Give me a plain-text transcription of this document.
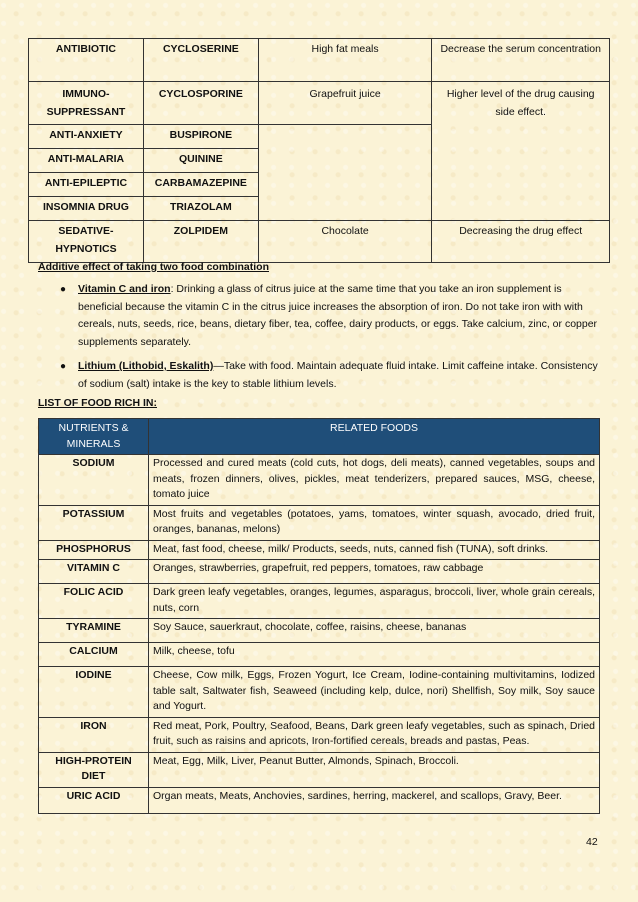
ANTIBIOTIC	CYCLOSERINE	High fat meals	Decrease the serum concentration
IMMUNO-SUPPRESSANT	CYCLOSPORINE	Grapefruit juice	Higher level of the drug causing side effect.
ANTI-ANXIETY	BUSPIRONE		
ANTI-MALARIA	QUININE		
ANTI-EPILEPTIC	CARBAMAZEPINE		
INSOMNIA DRUG	TRIAZOLAM		
SEDATIVE-HYPNOTICS	ZOLPIDEM	Chocolate	Decreasing the drug effect
Additive effect of taking two food combination
● Vitamin C and iron: Drinking a glass of citrus juice at the same time that you take an iron supplement is beneficial because the vitamin C in the citrus juice increases the absorption of iron. Do not take iron with with cereals, nuts, seeds, rice, beans, dietary fiber, tea, coffee, dairy products, or eggs. Take calcium, zinc, or copper supplements separately.
● Lithium (Lithobid, Eskalith)—Take with food. Maintain adequate fluid intake. Limit caffeine intake. Consistency of sodium (salt) intake is the key to stable lithium levels.
LIST OF FOOD RICH IN:
NUTRIENTS & MINERALS	RELATED FOODS
SODIUM	Processed and cured meats (cold cuts, hot dogs, deli meats), canned vegetables, soups and meats, frozen dinners, olives, pickles, meat tenderizers, prepared sauces, MSG, cheese, tomato juice
POTASSIUM	Most fruits and vegetables (potatoes, yams, tomatoes, winter squash, avocado, dried fruit, oranges, bananas, melons)
PHOSPHORUS	Meat, fast food, cheese, milk/ Products, seeds, nuts, canned fish (TUNA), soft drinks.
VITAMIN C	Oranges, strawberries, grapefruit, red peppers, tomatoes, raw cabbage
FOLIC ACID	Dark green leafy vegetables, oranges, legumes, asparagus, broccoli, liver, whole grain cereals, nuts, corn
TYRAMINE	Soy Sauce, sauerkraut, chocolate, coffee, raisins, cheese, bananas
CALCIUM	Milk, cheese, tofu
IODINE	Cheese, Cow milk, Eggs, Frozen Yogurt, Ice Cream, Iodine-containing multivitamins, Iodized table salt, Saltwater fish, Seaweed (including kelp, dulce, nori) Shellfish, Soy milk, Soy sauce and Yogurt.
IRON	Red meat, Pork, Poultry, Seafood, Beans, Dark green leafy vegetables, such as spinach, Dried fruit, such as raisins and apricots, Iron-fortified cereals, breads and pastas, Peas.
HIGH-PROTEIN DIET	Meat, Egg, Milk, Liver, Peanut Butter, Almonds, Spinach, Broccoli.
URIC ACID	Organ meats, Meats, Anchovies, sardines, herring, mackerel, and scallops, Gravy, Beer.
42
